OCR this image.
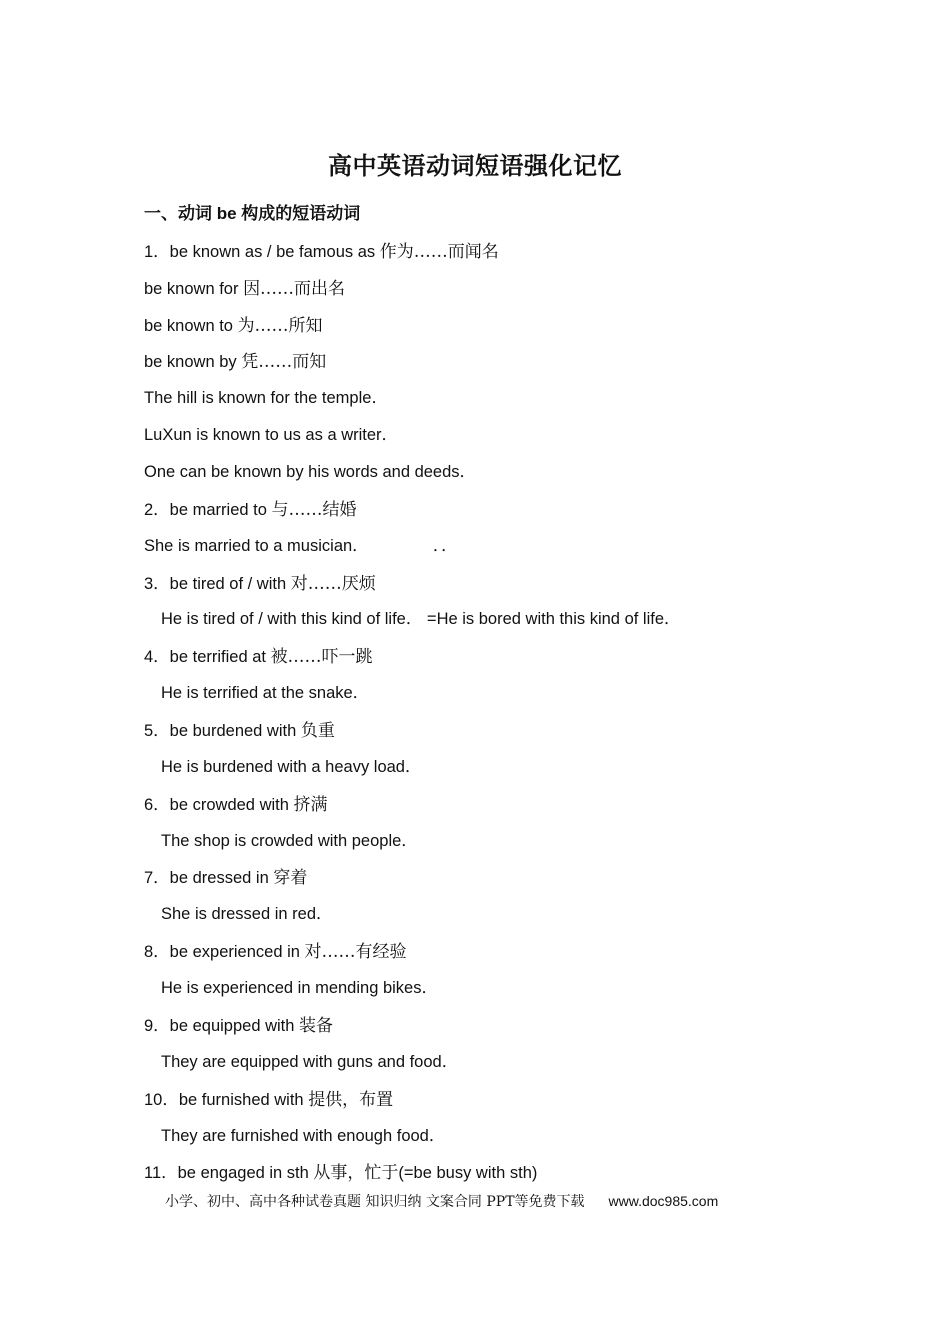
高中英语动词短语强化记忆
一、动词 be 构成的短语动词
1．be known as / be famous as 作为……而闻名
be known for 因……而出名
be known to 为……所知
be known by 凭……而知
The hill is known for the temple．
LuXun is known to us as a writer．
One can be known by his words and deeds．
2．be married to 与……结婚
She is married to a musician．              ．．
3．be tired of / with 对……厌烦
He is tired of / with this kind of life． =He is bored with this kind of life．
4．be terrified at 被……吓一跳
He is terrified at the snake．
5．be burdened with 负重
He is burdened with a heavy load．
6．be crowded with 挤满
The shop is crowded with people．
7．be dressed in 穿着
She is dressed in red．
8．be experienced in 对……有经验
He is experienced in mending bikes．
9．be equipped with 装备
They are equipped with guns and food．
10．be furnished with 提供，布置
They are furnished with enough food．
11．be engaged in sth 从事，忙于(=be busy with sth)
小学、初中、高中各种试卷真题 知识归纳 文案合同 PPT等免费下载 www.doc985.com
